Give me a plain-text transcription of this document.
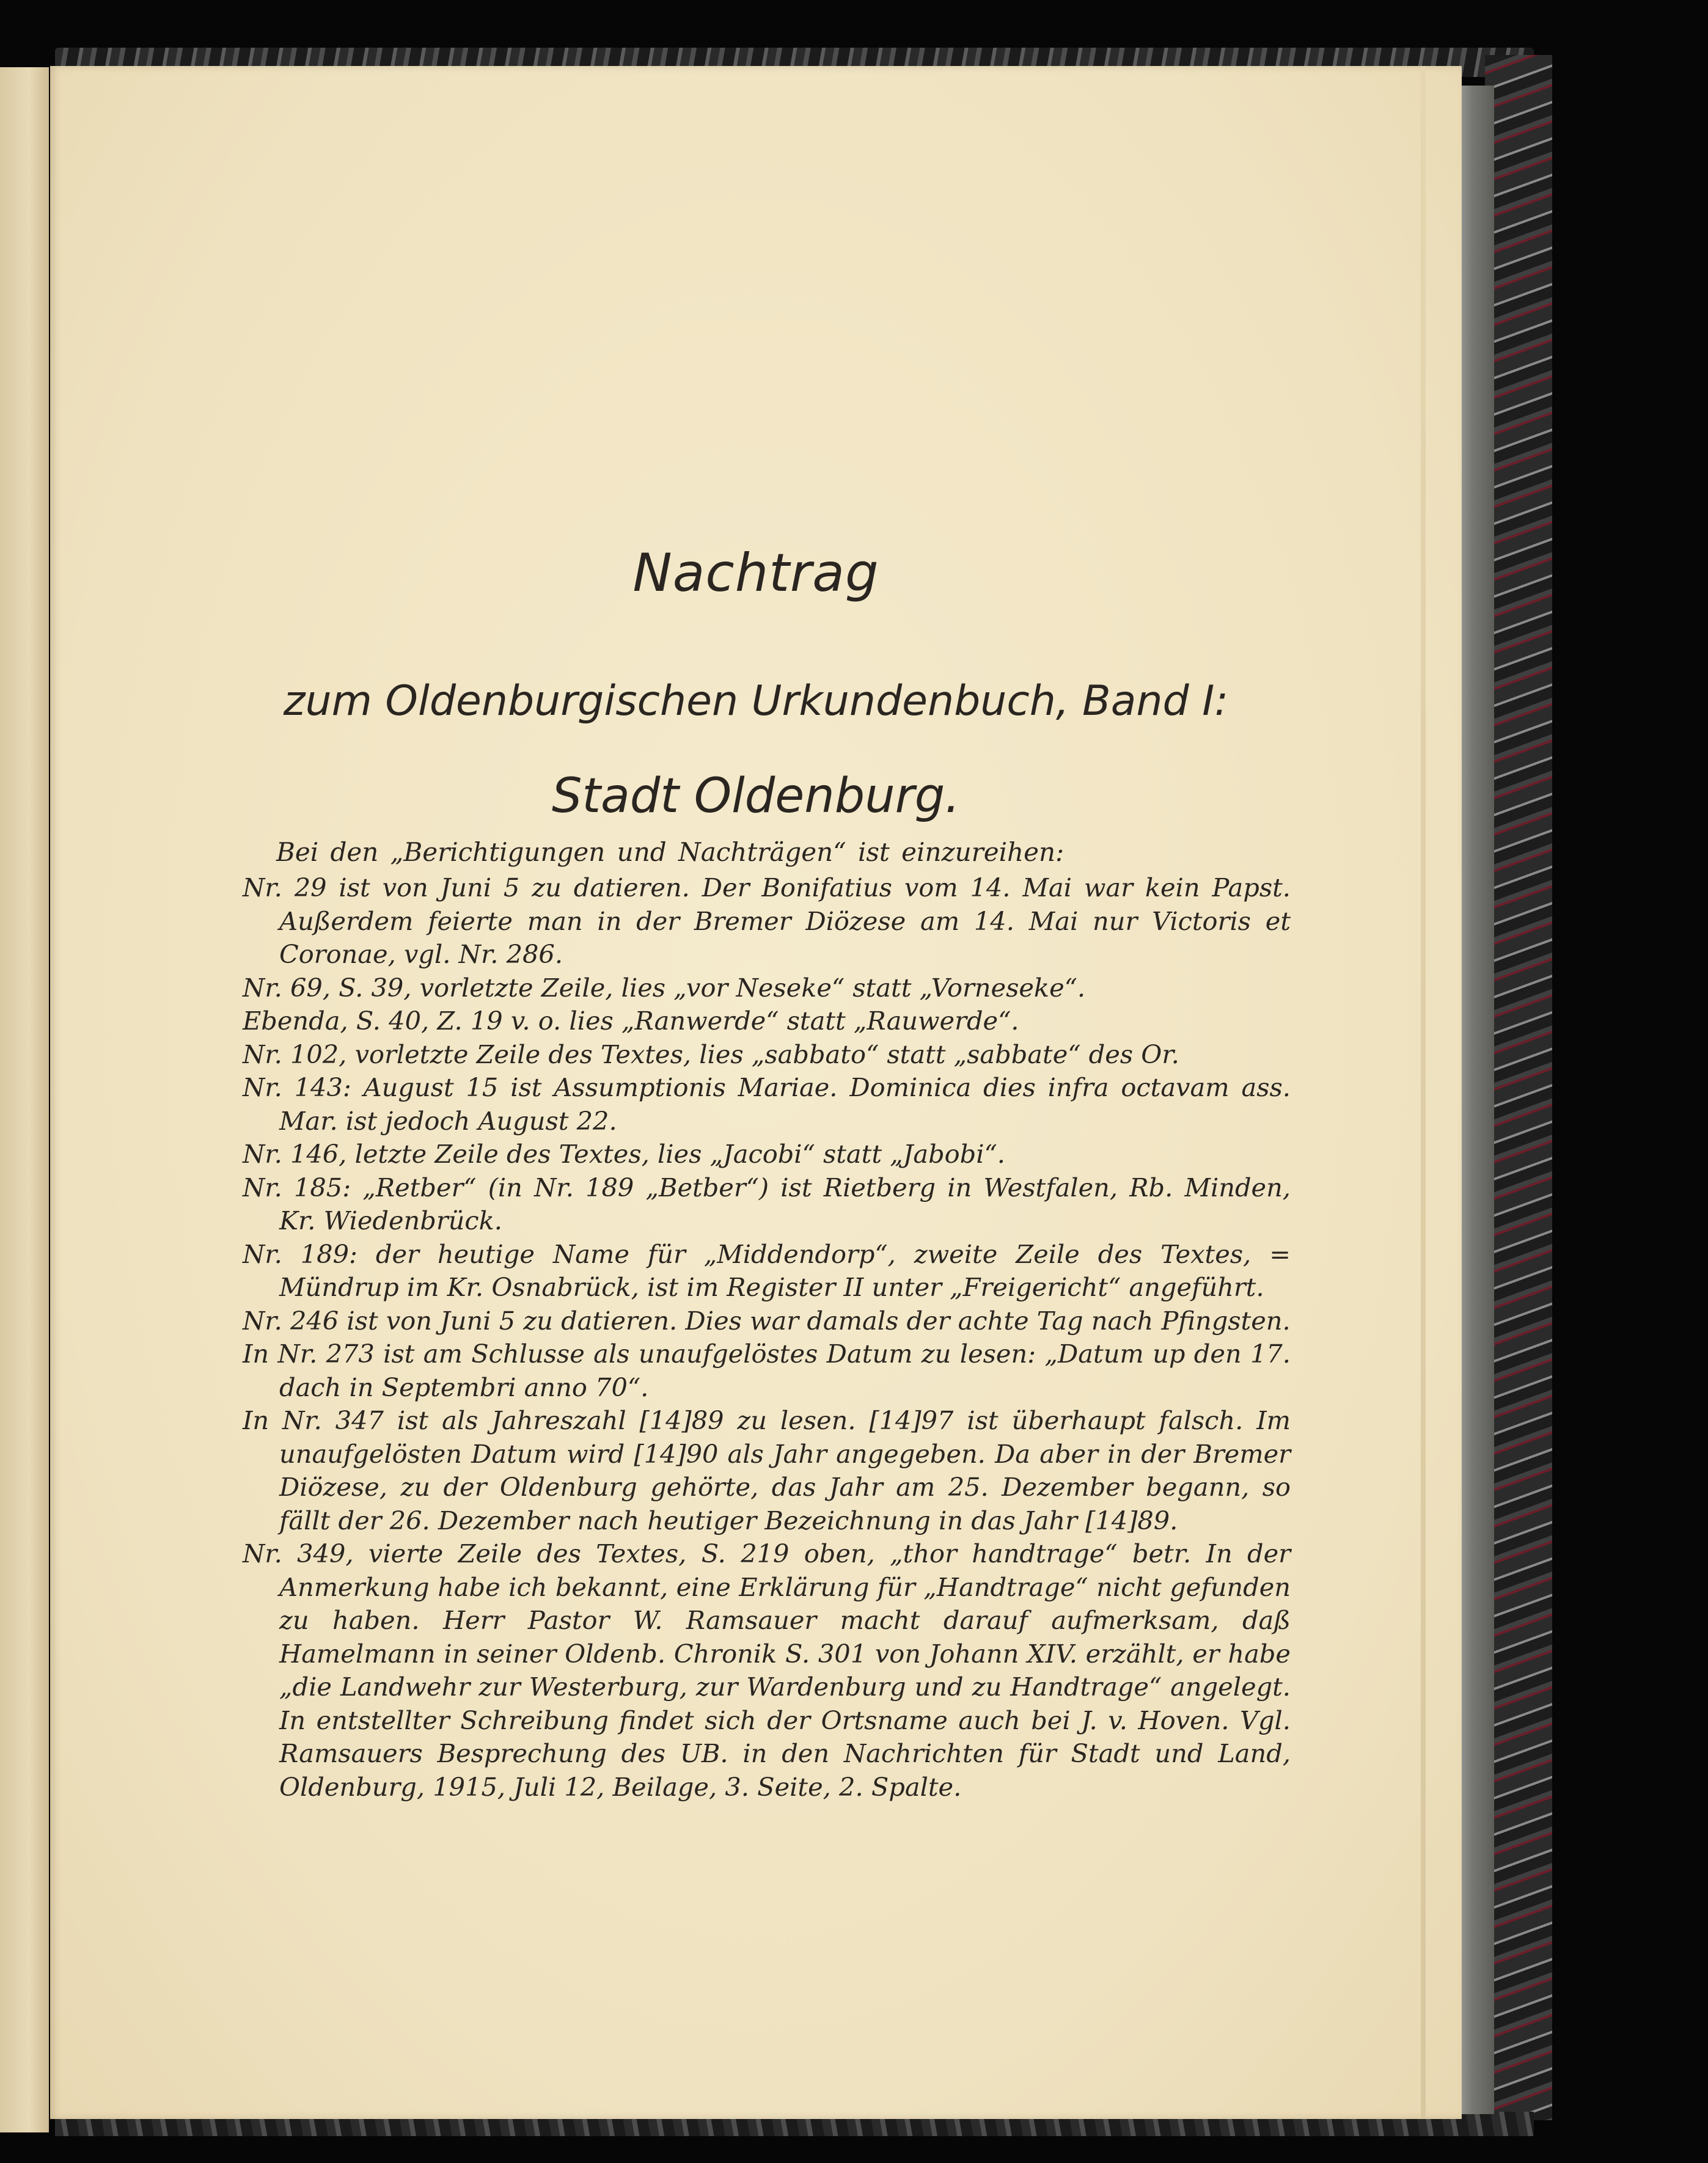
Nachtrag
zum Oldenburgischen Urkundenbuch, Band I:
Stadt Oldenburg.

Bei den „Berichtigungen und Nachträgen“ ist einzureihen:

Nr. 29 ist von Juni 5 zu datieren. Der Bonifatius vom 14. Mai war kein Papst. Außerdem feierte man in der Bremer Diözese am 14. Mai nur Victoris et Coronae, vgl. Nr. 286.
Nr. 69, S. 39, vorletzte Zeile, lies „vor Neseke“ statt „Vorneseke“.
Ebenda, S. 40, Z. 19 v. o. lies „Ranwerde“ statt „Rauwerde“.
Nr. 102, vorletzte Zeile des Textes, lies „sabbato“ statt „sabbate“ des Or.
Nr. 143: August 15 ist Assumptionis Mariae. Dominica dies infra octavam ass. Mar. ist jedoch August 22.
Nr. 146, letzte Zeile des Textes, lies „Jacobi“ statt „Jabobi“.
Nr. 185: „Retber“ (in Nr. 189 „Betber“) ist Rietberg in Westfalen, Rb. Minden, Kr. Wiedenbrück.
Nr. 189: der heutige Name für „Middendorp“, zweite Zeile des Textes, = Mündrup im Kr. Osnabrück, ist im Register II unter „Freigericht“ angeführt.
Nr. 246 ist von Juni 5 zu datieren. Dies war damals der achte Tag nach Pfingsten.
In Nr. 273 ist am Schlusse als unaufgelöstes Datum zu lesen: „Datum up den 17. dach in Septembri anno 70“.
In Nr. 347 ist als Jahreszahl [14]89 zu lesen. [14]97 ist überhaupt falsch. Im unaufgelösten Datum wird [14]90 als Jahr angegeben. Da aber in der Bremer Diözese, zu der Oldenburg gehörte, das Jahr am 25. Dezember begann, so fällt der 26. Dezember nach heutiger Bezeichnung in das Jahr [14]89.
Nr. 349, vierte Zeile des Textes, S. 219 oben, „thor handtrage“ betr. In der Anmerkung habe ich bekannt, eine Erklärung für „Handtrage“ nicht gefunden zu haben. Herr Pastor W. Ramsauer macht darauf aufmerksam, daß Hamelmann in seiner Oldenb. Chronik S. 301 von Johann XIV. erzählt, er habe „die Landwehr zur Westerburg, zur Wardenburg und zu Handtrage“ angelegt. In entstellter Schreibung findet sich der Ortsname auch bei J. v. Hoven. Vgl. Ramsauers Besprechung des UB. in den Nachrichten für Stadt und Land, Oldenburg, 1915, Juli 12, Beilage, 3. Seite, 2. Spalte.
